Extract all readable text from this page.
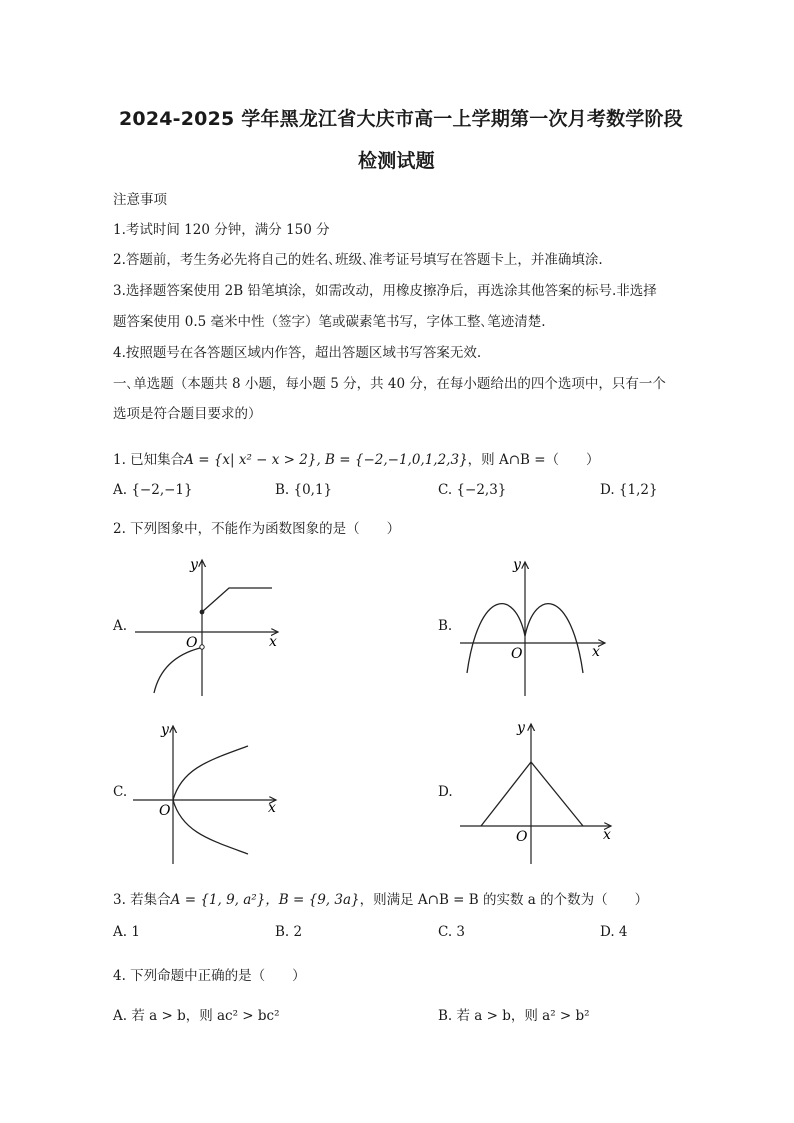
2024-2025 学年黑龙江省大庆市高一上学期第一次月考数学阶段
检测试题
注意事项
1.考试时间 120 分钟，满分 150 分
2.答题前，考生务必先将自己的姓名､班级､准考证号填写在答题卡上，并准确填涂.
3.选择题答案使用 2B 铅笔填涂，如需改动，用橡皮擦净后，再选涂其他答案的标号.非选择
题答案使用 0.5 毫米中性（签字）笔或碳素笔书写，字体工整､笔迹清楚.
4.按照题号在各答题区域内作答，超出答题区域书写答案无效.
一､单选题（本题共 8 小题，每小题 5 分，共 40 分，在每小题给出的四个选项中，只有一个
选项是符合题目要求的）
1. 已知集合A = {x| x² − x > 2}, B = {−2,−1,0,1,2,3}，则 A∩B =（　　）
A. {−2,−1}	B. {0,1}	C. {−2,3}	D. {1,2}
2. 下列图象中，不能作为函数图象的是（　　）
A.	B.
C.	D.
y
x
O
y
x
O
y
x
O
y
x
O
3. 若集合A = {1, 9, a²}，B = {9, 3a}，则满足 A∩B = B 的实数 a 的个数为（　　）
A. 1	B. 2	C. 3	D. 4
4. 下列命题中正确的是（　　）
A. 若 a > b，则 ac² > bc²	B. 若 a > b，则 a² > b²
